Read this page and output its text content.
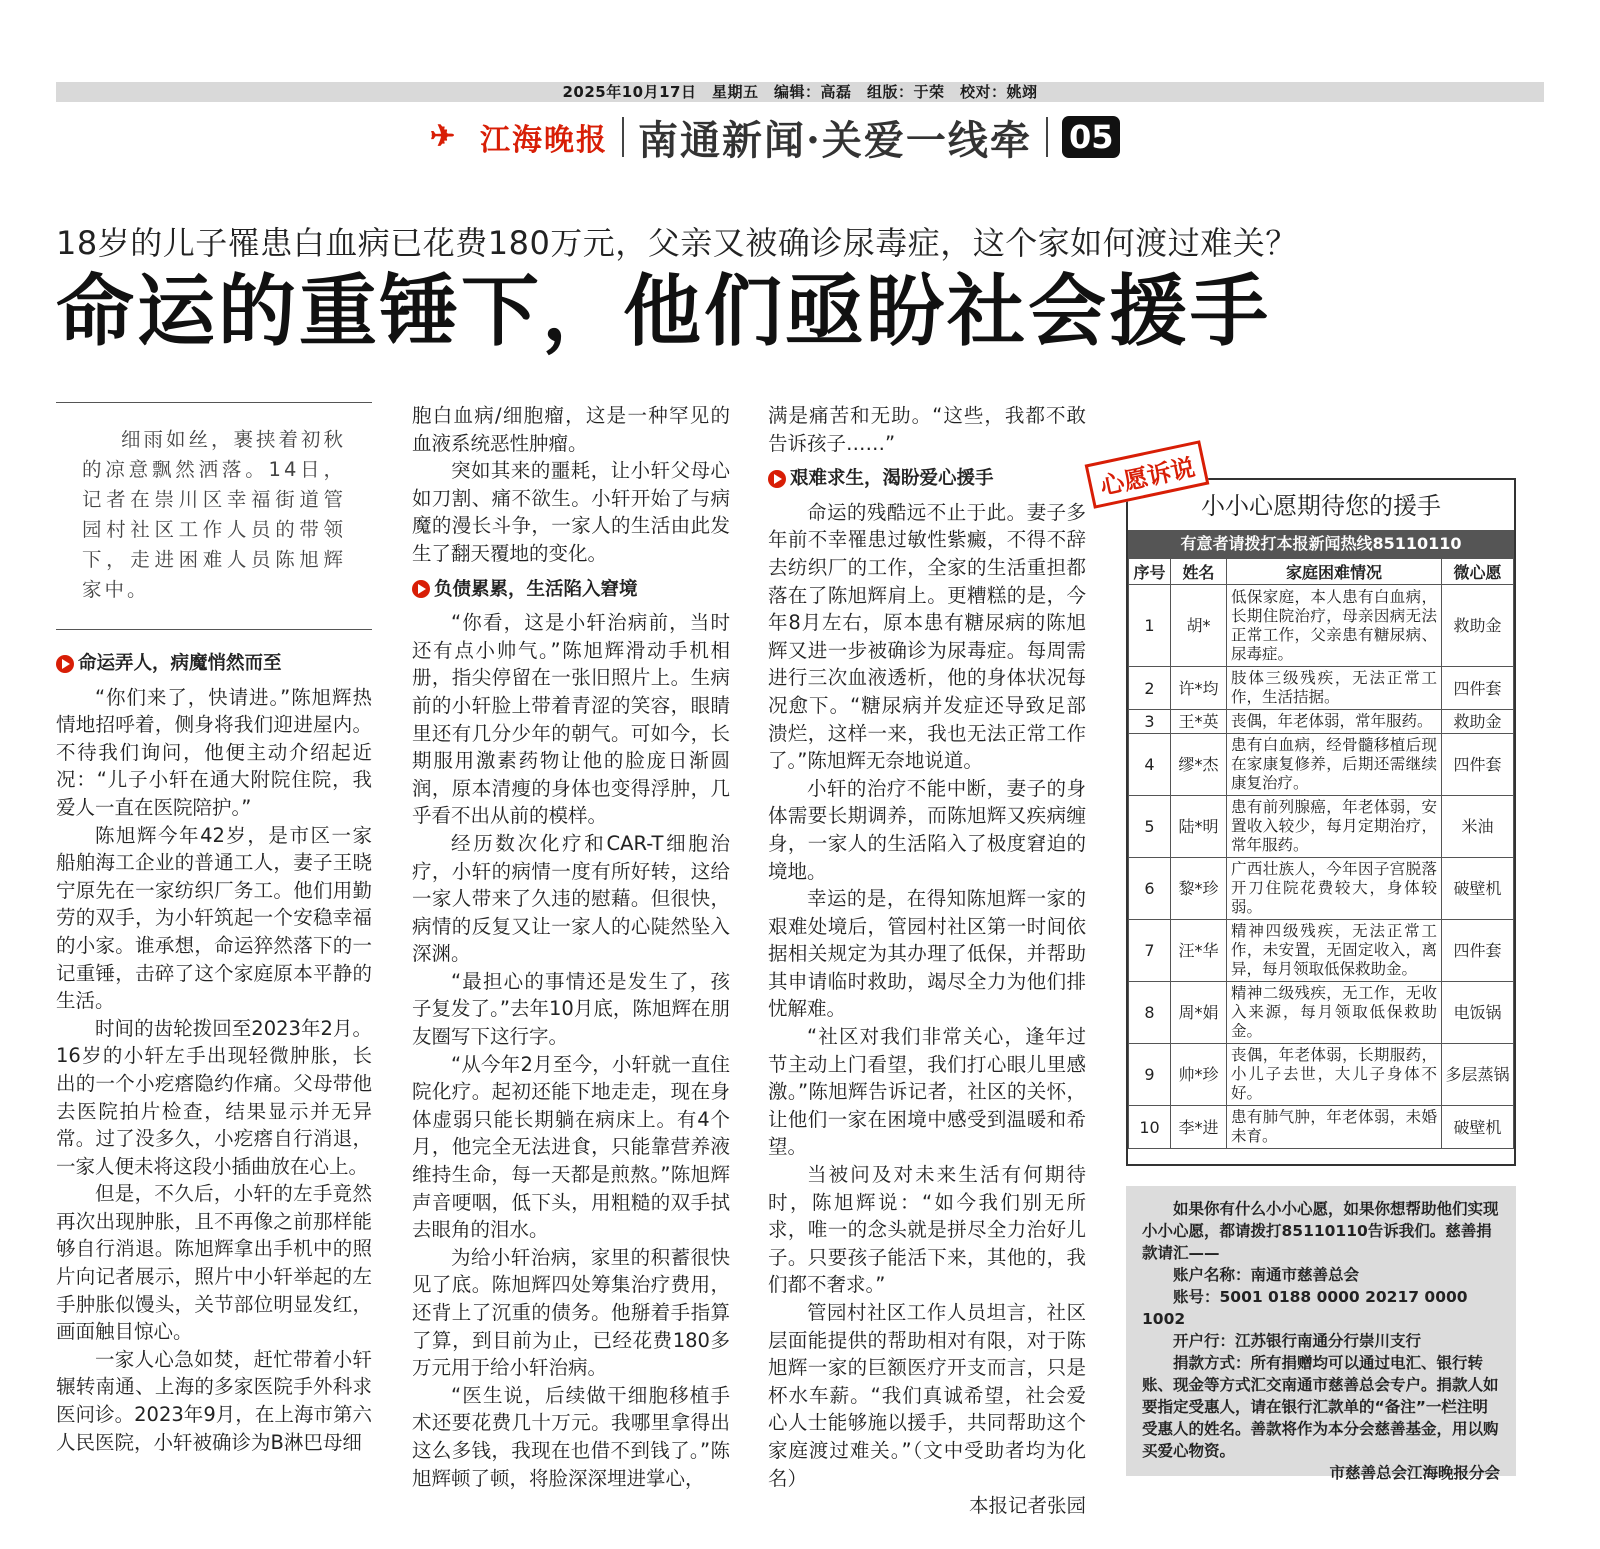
2025年10月17日　星期五　编辑：高磊　组版：于荣　校对：姚翊
✈ 江海晚报 南通新闻·关爱一线牵 05
18岁的儿子罹患白血病已花费180万元，父亲又被确诊尿毒症，这个家如何渡过难关？
命运的重锤下，他们亟盼社会援手
细雨如丝，裹挟着初秋的凉意飘然洒落。14日，记者在崇川区幸福街道管园村社区工作人员的带领下，走进困难人员陈旭辉家中。
命运弄人，病魔悄然而至

“你们来了，快请进。”陈旭辉热情地招呼着，侧身将我们迎进屋内。不待我们询问，他便主动介绍起近况：“儿子小轩在通大附院住院，我爱人一直在医院陪护。”

陈旭辉今年42岁，是市区一家船舶海工企业的普通工人，妻子王晓宁原先在一家纺织厂务工。他们用勤劳的双手，为小轩筑起一个安稳幸福的小家。谁承想，命运猝然落下的一记重锤，击碎了这个家庭原本平静的生活。

时间的齿轮拨回至2023年2月。16岁的小轩左手出现轻微肿胀，长出的一个小疙瘩隐约作痛。父母带他去医院拍片检查，结果显示并无异常。过了没多久，小疙瘩自行消退，一家人便未将这段小插曲放在心上。

但是，不久后，小轩的左手竟然再次出现肿胀，且不再像之前那样能够自行消退。陈旭辉拿出手机中的照片向记者展示，照片中小轩举起的左手肿胀似馒头，关节部位明显发红，画面触目惊心。

一家人心急如焚，赶忙带着小轩辗转南通、上海的多家医院手外科求医问诊。2023年9月，在上海市第六人民医院，小轩被确诊为B淋巴母细

胞白血病/细胞瘤，这是一种罕见的血液系统恶性肿瘤。

突如其来的噩耗，让小轩父母心如刀割、痛不欲生。小轩开始了与病魔的漫长斗争，一家人的生活由此发生了翻天覆地的变化。

负债累累，生活陷入窘境

“你看，这是小轩治病前，当时还有点小帅气。”陈旭辉滑动手机相册，指尖停留在一张旧照片上。生病前的小轩脸上带着青涩的笑容，眼睛里还有几分少年的朝气。可如今，长期服用激素药物让他的脸庞日渐圆润，原本清瘦的身体也变得浮肿，几乎看不出从前的模样。

经历数次化疗和CAR-T细胞治疗，小轩的病情一度有所好转，这给一家人带来了久违的慰藉。但很快，病情的反复又让一家人的心陡然坠入深渊。

“最担心的事情还是发生了，孩子复发了。”去年10月底，陈旭辉在朋友圈写下这行字。

“从今年2月至今，小轩就一直住院化疗。起初还能下地走走，现在身体虚弱只能长期躺在病床上。有4个月，他完全无法进食，只能靠营养液维持生命，每一天都是煎熬。”陈旭辉声音哽咽，低下头，用粗糙的双手拭去眼角的泪水。

为给小轩治病，家里的积蓄很快见了底。陈旭辉四处筹集治疗费用，还背上了沉重的债务。他掰着手指算了算，到目前为止，已经花费180多万元用于给小轩治病。

“医生说，后续做干细胞移植手术还要花费几十万元。我哪里拿得出这么多钱，我现在也借不到钱了。”陈旭辉顿了顿，将脸深深埋进掌心，

满是痛苦和无助。“这些，我都不敢告诉孩子……”

艰难求生，渴盼爱心援手

命运的残酷远不止于此。妻子多年前不幸罹患过敏性紫癜，不得不辞去纺织厂的工作，全家的生活重担都落在了陈旭辉肩上。更糟糕的是，今年8月左右，原本患有糖尿病的陈旭辉又进一步被确诊为尿毒症。每周需进行三次血液透析，他的身体状况每况愈下。“糖尿病并发症还导致足部溃烂，这样一来，我也无法正常工作了。”陈旭辉无奈地说道。

小轩的治疗不能中断，妻子的身体需要长期调养，而陈旭辉又疾病缠身，一家人的生活陷入了极度窘迫的境地。

幸运的是，在得知陈旭辉一家的艰难处境后，管园村社区第一时间依据相关规定为其办理了低保，并帮助其申请临时救助，竭尽全力为他们排忧解难。

“社区对我们非常关心，逢年过节主动上门看望，我们打心眼儿里感激。”陈旭辉告诉记者，社区的关怀，让他们一家在困境中感受到温暖和希望。

当被问及对未来生活有何期待时，陈旭辉说：“如今我们别无所求，唯一的念头就是拼尽全力治好儿子。只要孩子能活下来，其他的，我们都不奢求。”

管园村社区工作人员坦言，社区层面能提供的帮助相对有限，对于陈旭辉一家的巨额医疗开支而言，只是杯水车薪。“我们真诚希望，社会爱心人士能够施以援手，共同帮助这个家庭渡过难关。”（文中受助者均为化名）

本报记者张园

小小心愿期待您的援手
有意者请拨打本报新闻热线85110110
序号	姓名	家庭困难情况	微心愿
1	胡*	低保家庭，本人患有白血病，长期住院治疗，母亲因病无法正常工作，父亲患有糖尿病、尿毒症。	救助金
2	许*均	肢体三级残疾，无法正常工作，生活拮据。	四件套
3	王*英	丧偶，年老体弱，常年服药。	救助金
4	缪*杰	患有白血病，经骨髓移植后现在家康复修养，后期还需继续康复治疗。	四件套
5	陆*明	患有前列腺癌，年老体弱，安置收入较少，每月定期治疗，常年服药。	米油
6	黎*珍	广西壮族人，今年因子宫脱落开刀住院花费较大，身体较弱。	破壁机
7	汪*华	精神四级残疾，无法正常工作，未安置，无固定收入，离异，每月领取低保救助金。	四件套
8	周*娟	精神二级残疾，无工作，无收入来源，每月领取低保救助金。	电饭锅
9	帅*珍	丧偶，年老体弱，长期服药，小儿子去世，大儿子身体不好。	多层蒸锅
10	李*进	患有肺气肿，年老体弱，未婚未育。	破壁机
心愿诉说

如果你有什么小小心愿，如果你想帮助他们实现小小心愿，都请拨打85110110告诉我们。慈善捐款请汇——

账户名称：南通市慈善总会

账号：5001 0188 0000 20217 0000 1002

开户行：江苏银行南通分行崇川支行

捐款方式：所有捐赠均可以通过电汇、银行转账、现金等方式汇交南通市慈善总会专户。捐款人如要指定受惠人，请在银行汇款单的“备注”一栏注明受惠人的姓名。善款将作为本分会慈善基金，用以购买爱心物资。

市慈善总会江海晚报分会
